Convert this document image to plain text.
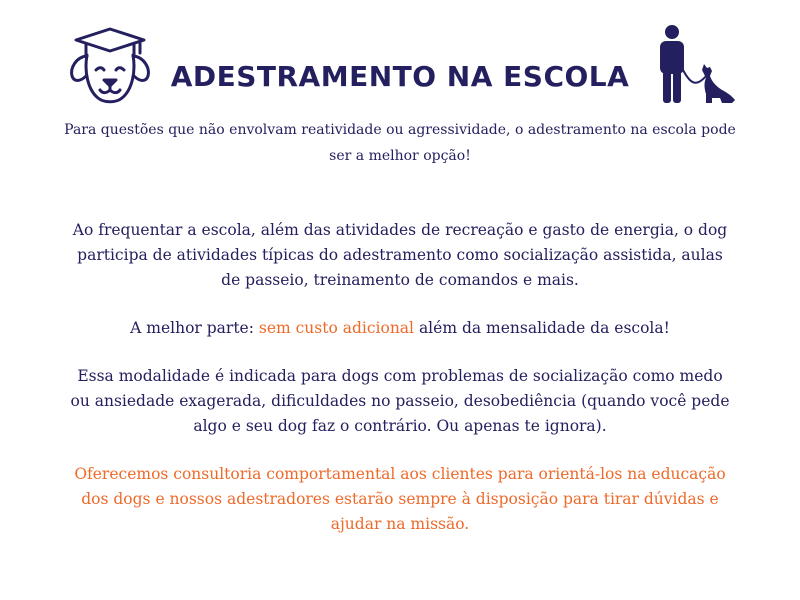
ADESTRAMENTO NA ESCOLA
Para questões que não envolvam reatividade ou agressividade, o adestramento na escola pode ser a melhor opção!

Ao frequentar a escola, além das atividades de recreação e gasto de energia, o dog participa de atividades típicas do adestramento como socialização assistida, aulas de passeio, treinamento de comandos e mais.

A melhor parte: sem custo adicional além da mensalidade da escola!

Essa modalidade é indicada para dogs com problemas de socialização como medo ou ansiedade exagerada, dificuldades no passeio, desobediência (quando você pede algo e seu dog faz o contrário. Ou apenas te ignora).

Oferecemos consultoria comportamental aos clientes para orientá-los na educação dos dogs e nossos adestradores estarão sempre à disposição para tirar dúvidas e ajudar na missão.
